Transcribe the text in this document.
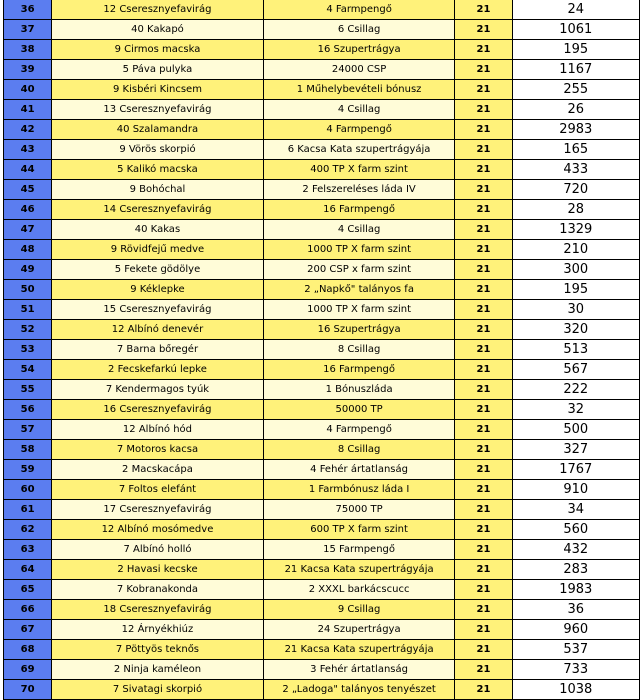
36	12 Cseresznyefavirág	4 Farmpengő	21	24
37	40 Kakapó	6 Csillag	21	1061
38	9 Cirmos macska	16 Szupertrágya	21	195
39	5 Páva pulyka	24000 CSP	21	1167
40	9 Kisbéri Kincsem	1 Műhelybevételi bónusz	21	255
41	13 Cseresznyefavirág	4 Csillag	21	26
42	40 Szalamandra	4 Farmpengő	21	2983
43	9 Vörös skorpió	6 Kacsa Kata szupertrágyája	21	165
44	5 Kalikó macska	400 TP X farm szint	21	433
45	9 Bohóchal	2 Felszereléses láda IV	21	720
46	14 Cseresznyefavirág	16 Farmpengő	21	28
47	40 Kakas	4 Csillag	21	1329
48	9 Rövidfejű medve	1000 TP X farm szint	21	210
49	5 Fekete gödölye	200 CSP x farm szint	21	300
50	9 Kéklepke	2 „Napkő" talányos fa	21	195
51	15 Cseresznyefavirág	1000 TP X farm szint	21	30
52	12 Albínó denevér	16 Szupertrágya	21	320
53	7 Barna bőregér	8 Csillag	21	513
54	2 Fecskefarkú lepke	16 Farmpengő	21	567
55	7 Kendermagos tyúk	1 Bónuszláda	21	222
56	16 Cseresznyefavirág	50000 TP	21	32
57	12 Albínó hód	4 Farmpengő	21	500
58	7 Motoros kacsa	8 Csillag	21	327
59	2 Macskacápa	4 Fehér ártatlanság	21	1767
60	7 Foltos elefánt	1 Farmbónusz láda I	21	910
61	17 Cseresznyefavirág	75000 TP	21	34
62	12 Albínó mosómedve	600 TP X farm szint	21	560
63	7 Albínó holló	15 Farmpengő	21	432
64	2 Havasi kecske	21 Kacsa Kata szupertrágyája	21	283
65	7 Kobranakonda	2 XXXL barkácscucc	21	1983
66	18 Cseresznyefavirág	9 Csillag	21	36
67	12 Árnyékhiúz	24 Szupertrágya	21	960
68	7 Pöttyös teknős	21 Kacsa Kata szupertrágyája	21	537
69	2 Ninja kaméleon	3 Fehér ártatlanság	21	733
70	7 Sivatagi skorpió	2 „Ladoga" talányos tenyészet	21	1038
